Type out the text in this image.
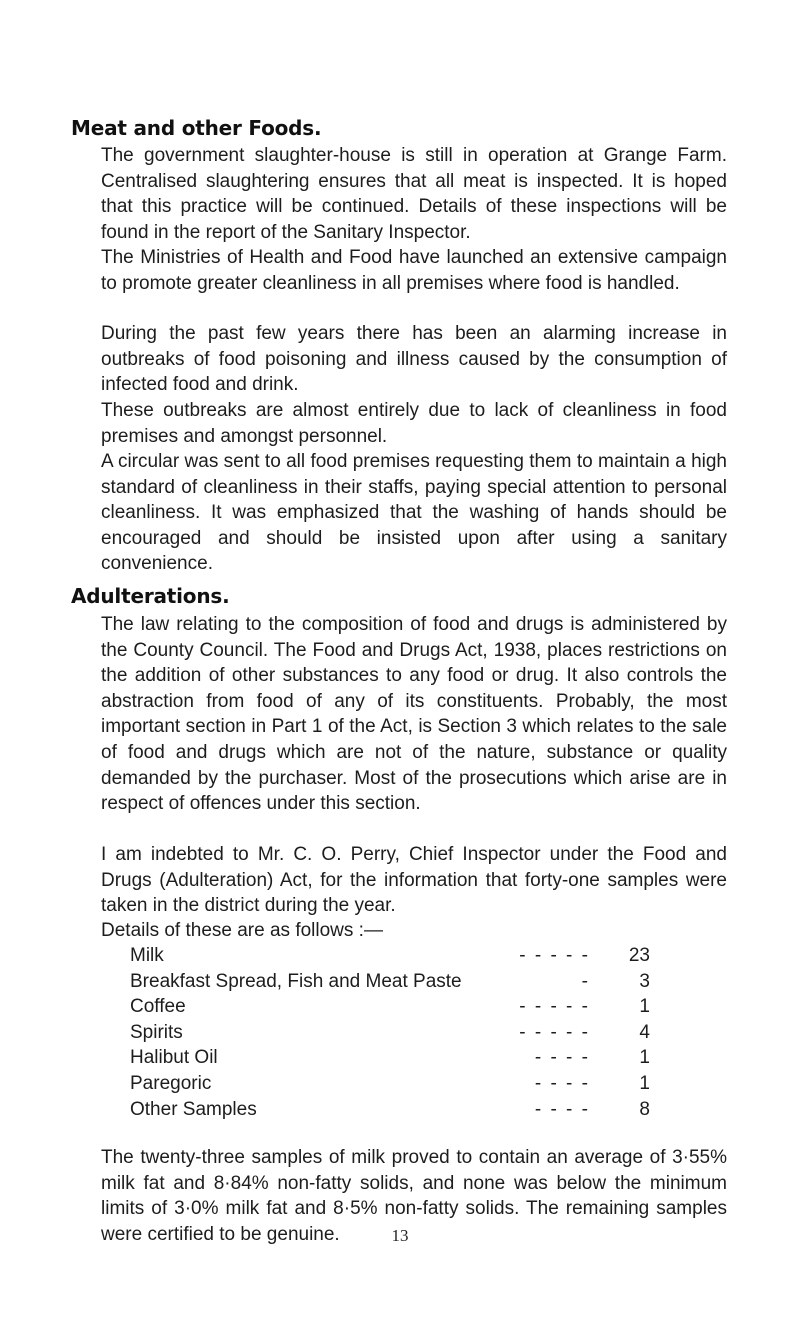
Meat and other Foods.

The government slaughter-house is still in operation at Grange Farm. Centralised slaughtering ensures that all meat is inspected. It is hoped that this practice will be continued. Details of these inspections will be found in the report of the Sanitary Inspector.

The Ministries of Health and Food have launched an extensive campaign to promote greater cleanliness in all premises where food is handled.

During the past few years there has been an alarming increase in outbreaks of food poisoning and illness caused by the consumption of infected food and drink.

These outbreaks are almost entirely due to lack of cleanliness in food premises and amongst personnel.

A circular was sent to all food premises requesting them to maintain a high standard of cleanliness in their staffs, paying special attention to personal cleanliness. It was emphasized that the washing of hands should be encouraged and should be insisted upon after using a sanitary convenience.

Adulterations.

The law relating to the composition of food and drugs is administered by the County Council. The Food and Drugs Act, 1938, places restrictions on the addition of other substances to any food or drug. It also controls the abstraction from food of any of its constituents. Probably, the most important section in Part 1 of the Act, is Section 3 which relates to the sale of food and drugs which are not of the nature, substance or quality demanded by the purchaser. Most of the prosecutions which arise are in respect of offences under this section.

I am indebted to Mr. C. O. Perry, Chief Inspector under the Food and Drugs (Adulteration) Act, for the information that forty-one samples were taken in the district during the year.

Details of these are as follows :—

Milk	- - - - -	23
Breakfast Spread, Fish and Meat Paste	-	3
Coffee	- - - - -	1
Spirits	- - - - -	4
Halibut Oil	- - - -	1
Paregoric	- - - -	1
Other Samples	- - - -	8

The twenty-three samples of milk proved to contain an average of 3·55% milk fat and 8·84% non-fatty solids, and none was below the minimum limits of 3·0% milk fat and 8·5% non-fatty solids. The remaining samples were certified to be genuine.	13
